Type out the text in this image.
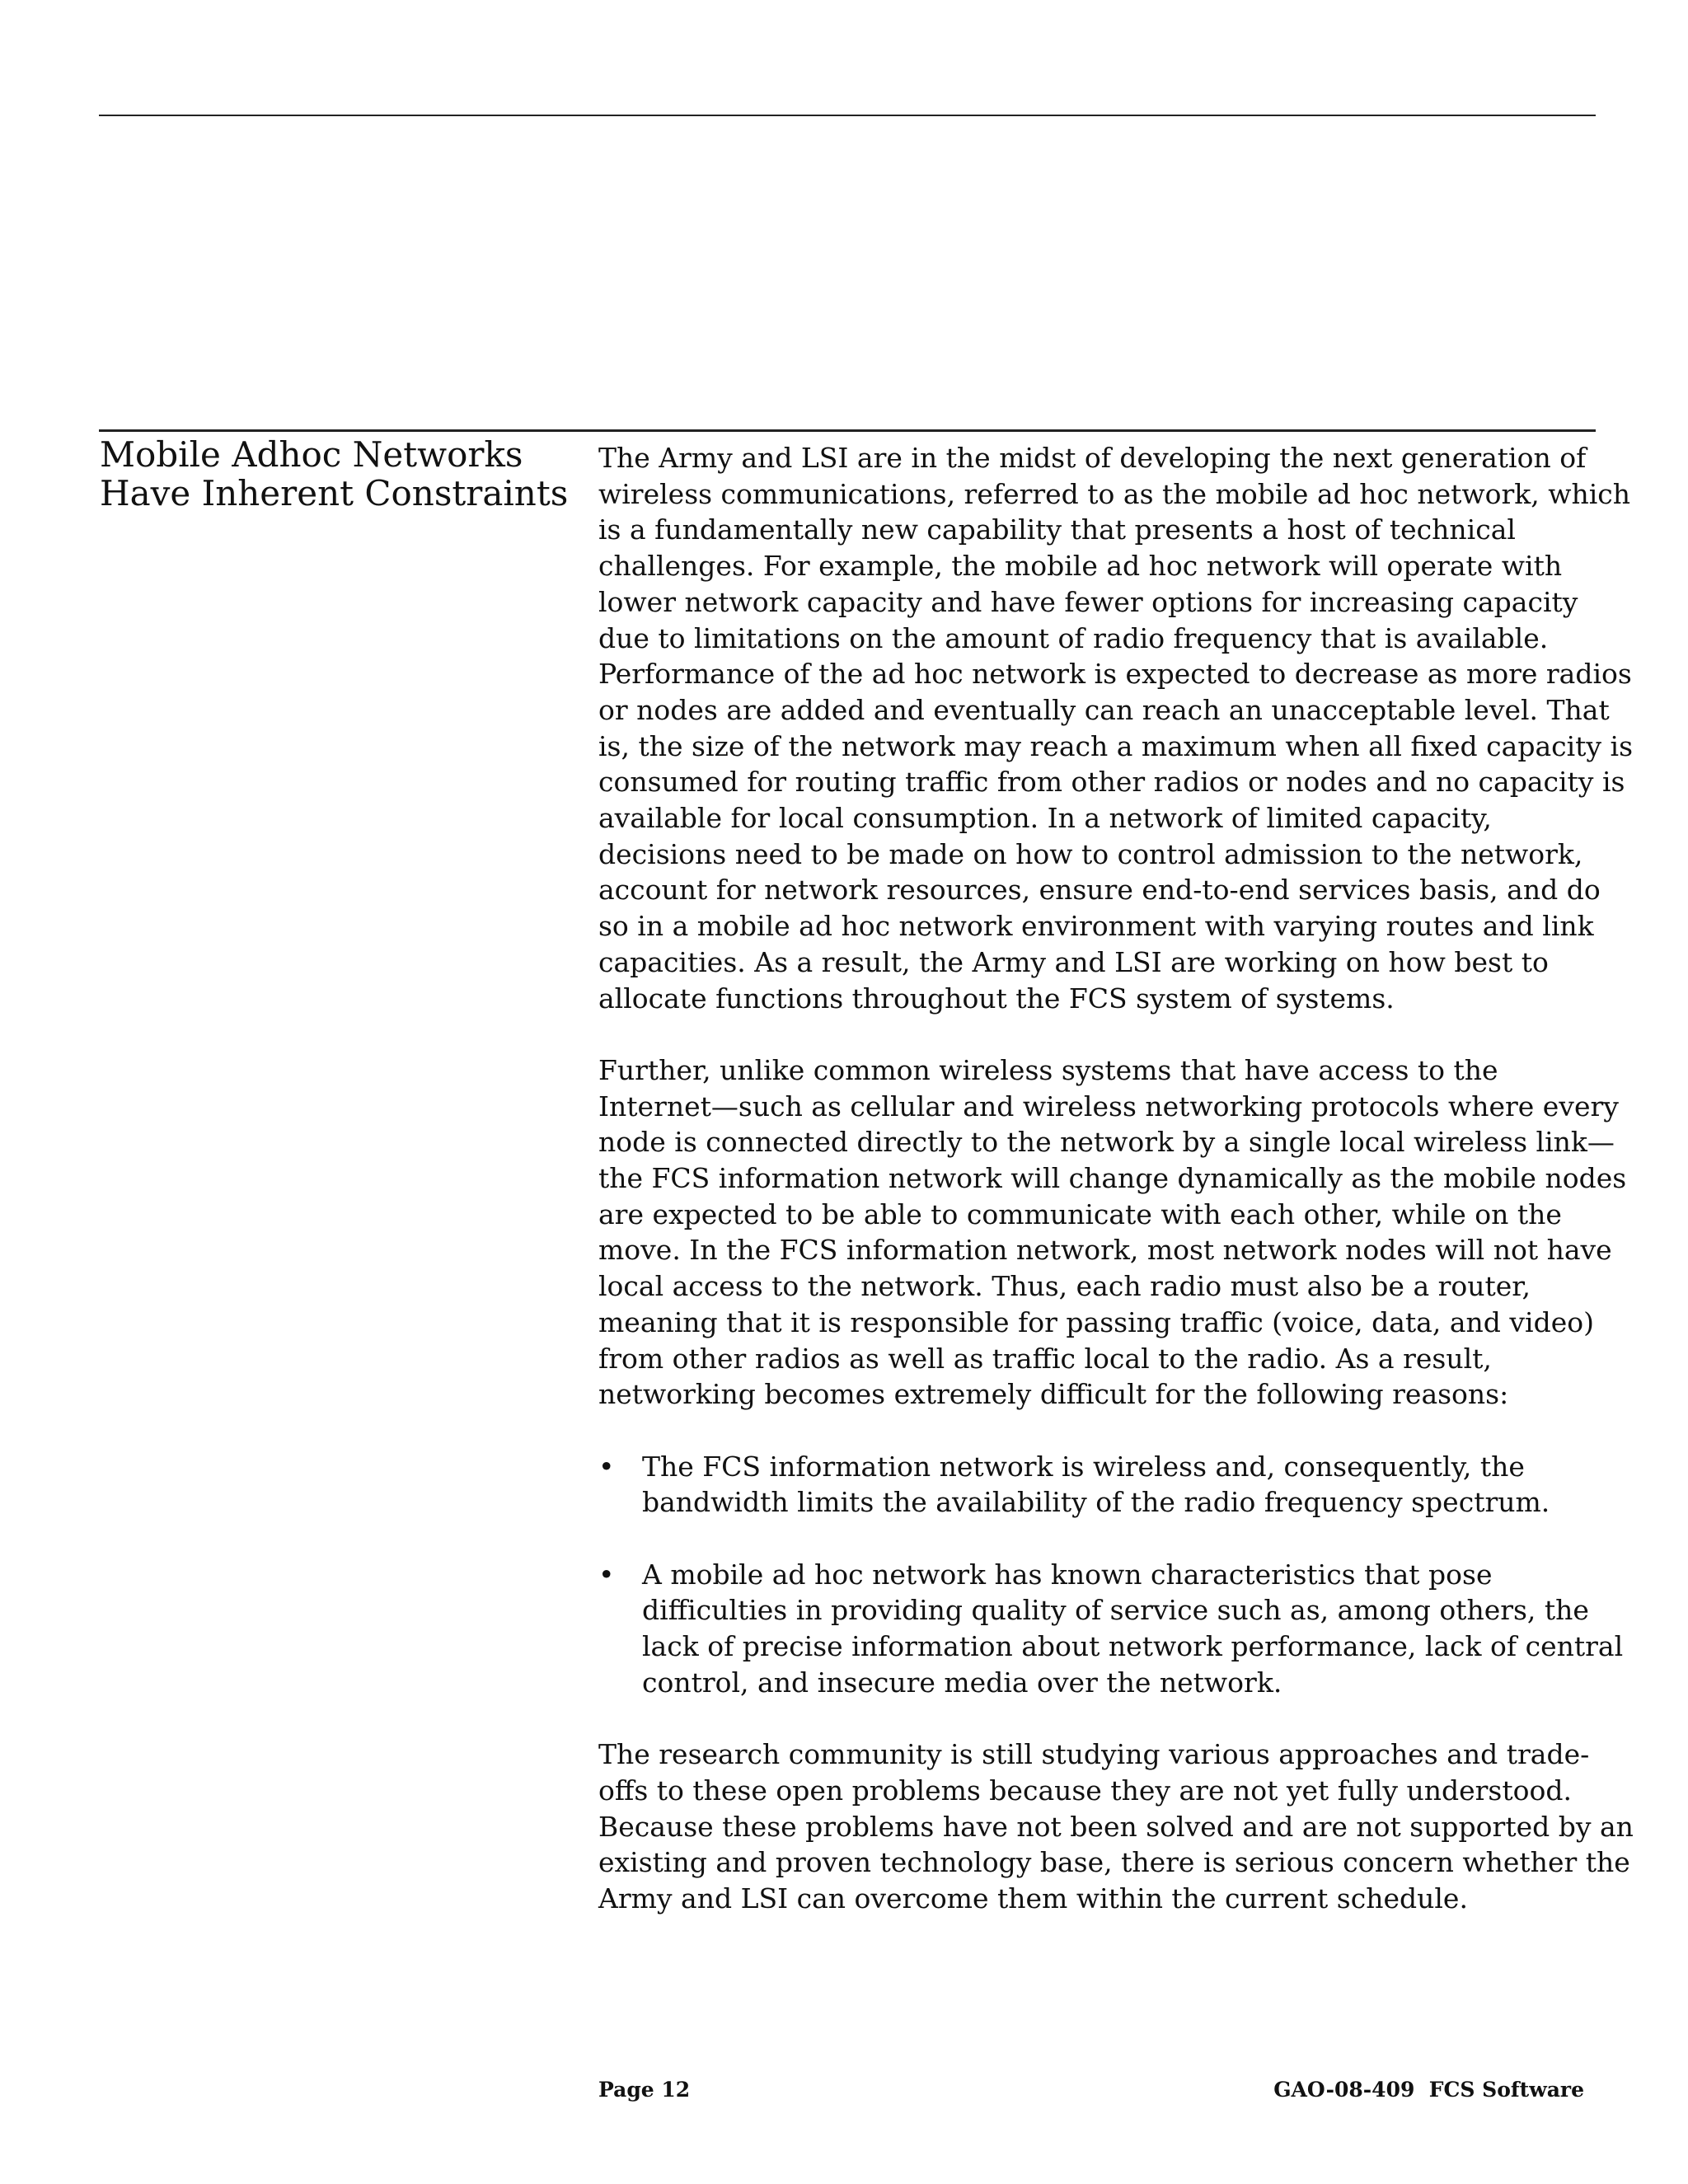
Mobile Adhoc Networks
Have Inherent Constraints
The Army and LSI are in the midst of developing the next generation of
wireless communications, referred to as the mobile ad hoc network, which
is a fundamentally new capability that presents a host of technical
challenges. For example, the mobile ad hoc network will operate with
lower network capacity and have fewer options for increasing capacity
due to limitations on the amount of radio frequency that is available.
Performance of the ad hoc network is expected to decrease as more radios
or nodes are added and eventually can reach an unacceptable level. That
is, the size of the network may reach a maximum when all fixed capacity is
consumed for routing traffic from other radios or nodes and no capacity is
available for local consumption. In a network of limited capacity,
decisions need to be made on how to control admission to the network,
account for network resources, ensure end-to-end services basis, and do
so in a mobile ad hoc network environment with varying routes and link
capacities. As a result, the Army and LSI are working on how best to
allocate functions throughout the FCS system of systems.
Further, unlike common wireless systems that have access to the
Internet—such as cellular and wireless networking protocols where every
node is connected directly to the network by a single local wireless link—
the FCS information network will change dynamically as the mobile nodes
are expected to be able to communicate with each other, while on the
move. In the FCS information network, most network nodes will not have
local access to the network. Thus, each radio must also be a router,
meaning that it is responsible for passing traffic (voice, data, and video)
from other radios as well as traffic local to the radio. As a result,
networking becomes extremely difficult for the following reasons:
• The FCS information network is wireless and, consequently, the
bandwidth limits the availability of the radio frequency spectrum.
• A mobile ad hoc network has known characteristics that pose
difficulties in providing quality of service such as, among others, the
lack of precise information about network performance, lack of central
control, and insecure media over the network.
The research community is still studying various approaches and trade-
offs to these open problems because they are not yet fully understood.
Because these problems have not been solved and are not supported by an
existing and proven technology base, there is serious concern whether the
Army and LSI can overcome them within the current schedule.
Page 12	GAO-08-409  FCS Software
